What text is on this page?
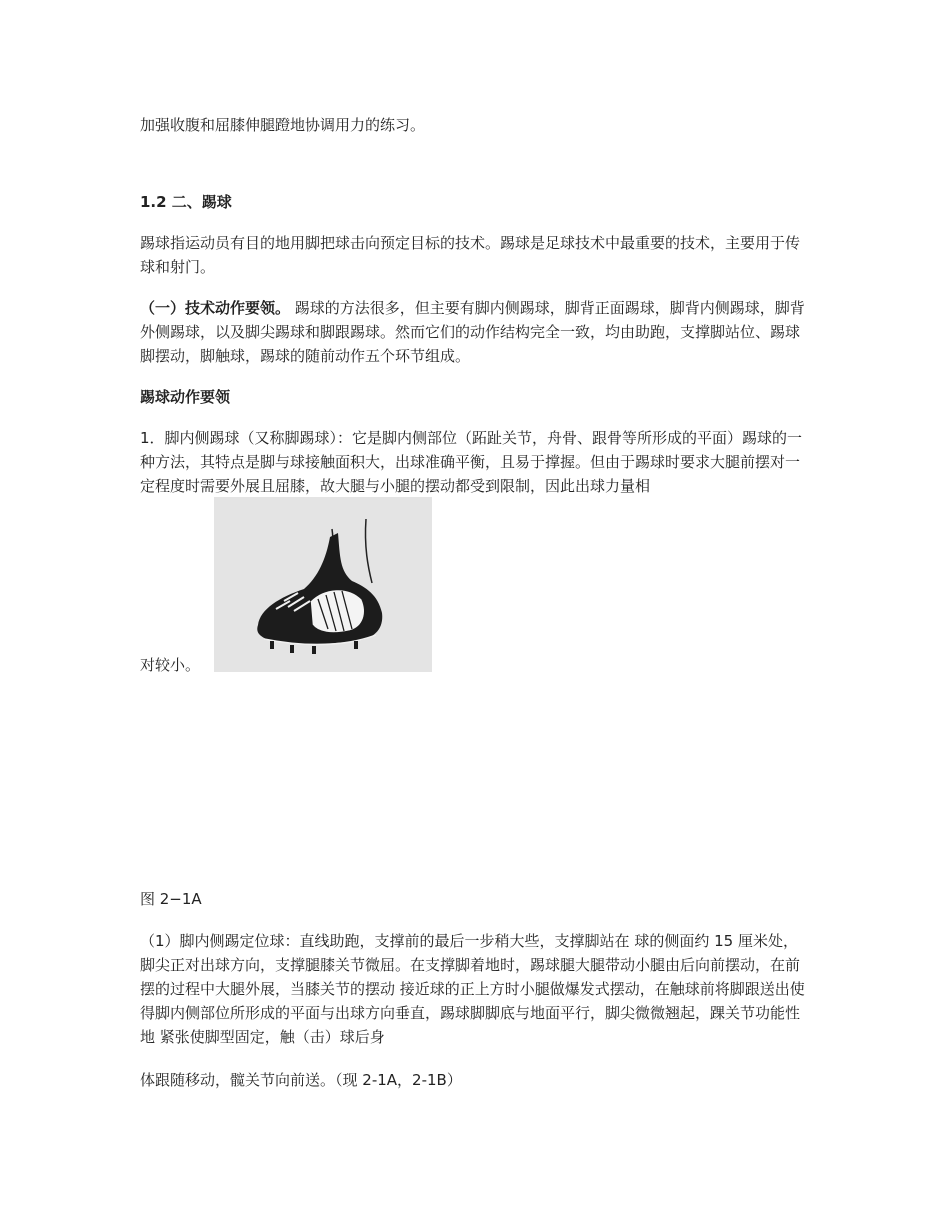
加强收腹和屈膝伸腿蹬地协调用力的练习。

1.2 二、踢球

踢球指运动员有目的地用脚把球击向预定目标的技术。踢球是足球技术中最重要的技术，主要用于传球和射门。

（一）技术动作要领。 踢球的方法很多，但主要有脚内侧踢球，脚背正面踢球，脚背内侧踢球，脚背外侧踢球，以及脚尖踢球和脚跟踢球。然而它们的动作结构完全一致，均由助跑，支撑脚站位、踢球脚摆动，脚触球，踢球的随前动作五个环节组成。

踢球动作要领

1．脚内侧踢球（又称脚踢球）：它是脚内侧部位（跖趾关节，舟骨、跟骨等所形成的平面）踢球的一种方法，其特点是脚与球接触面积大，出球准确平衡，且易于撑握。但由于踢球时要求大腿前摆对一定程度时需要外展且屈膝，故大腿与小腿的摆动都受到限制，因此出球力量相

对较小。

图 2−1A

（1）脚内侧踢定位球：直线助跑，支撑前的最后一步稍大些，支撑脚站在 球的侧面约 15 厘米处，脚尖正对出球方向，支撑腿膝关节微屈。在支撑脚着地时，踢球腿大腿带动小腿由后向前摆动，在前摆的过程中大腿外展，当膝关节的摆动 接近球的正上方时小腿做爆发式摆动，在触球前将脚跟送出使得脚内侧部位所形成的平面与出球方向垂直，踢球脚脚底与地面平行，脚尖微微翘起，踝关节功能性地 紧张使脚型固定，触（击）球后身

体跟随移动，髋关节向前送。（现 2-1A，2-1B）
